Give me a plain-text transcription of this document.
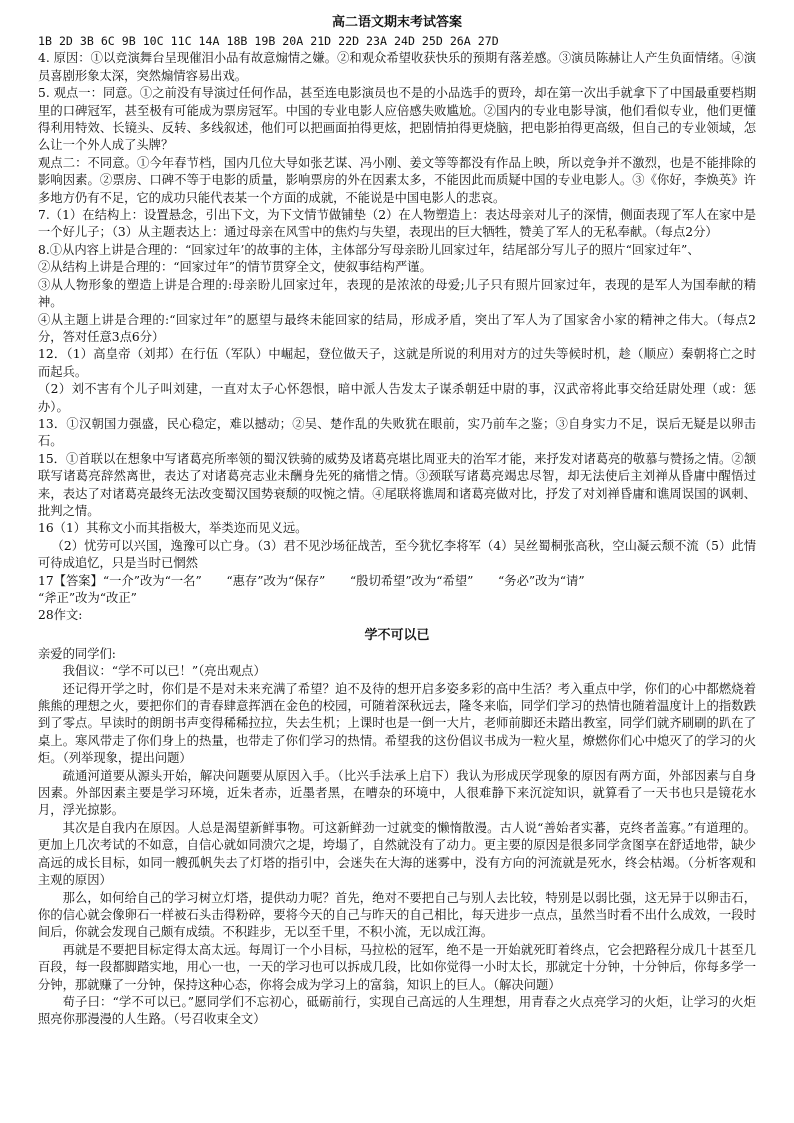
高二语文期末考试答案

1B 2D 3B 6C 9B 10C 11C 14A 18B 19B 20A 21D 22D 23A 24D 25D 26A 27D

4. 原因：①以竞演舞台呈现催泪小品有故意煽情之嫌。②和观众希望收获快乐的预期有落差感。③演员陈赫让人产生负面情绪。④演员喜剧形象太深，突然煽情容易出戏。

5. 观点一：同意。①之前没有导演过任何作品，甚至连电影演员也不是的小品选手的贾玲，却在第一次出手就拿下了中国最重要档期里的口碑冠军，甚至极有可能成为票房冠军。中国的专业电影人应倍感失败尴尬。②国内的专业电影导演，他们看似专业，他们更懂得利用特效、长镜头、反转、多线叙述，他们可以把画面拍得更炫，把剧情拍得更烧脑，把电影拍得更高级，但自己的专业领域，怎么让一个外人成了头牌？

观点二：不同意。①今年春节档，国内几位大导如张艺谋、冯小刚、姜文等等都没有作品上映，所以竞争并不激烈，也是不能排除的影响因素。②票房、口碑不等于电影的质量，影响票房的外在因素太多，不能因此而质疑中国的专业电影人。③《你好，李焕英》许多地方仍有不足，它的成功只能代表某一个方面的成就，不能说是中国电影人的悲哀。

7.（1）在结构上：设置悬念，引出下文，为下文情节做铺垫（2）在人物塑造上：表达母亲对儿子的深情，侧面表现了军人在家中是一个好儿子；（3）从主题表达上：通过母亲在风雪中的焦灼与失望，表现出的巨大牺牲，赞美了军人的无私奉献。（每点2分）

8.①从内容上讲是合理的：“回家过年’的故事的主体，主体部分写母亲盼儿回家过年，结尾部分写儿子的照片“回家过年”、

②从结构上讲是合理的：“回家过年”的情节贯穿全文，使叙事结构严谨。

③从人物形象的塑造上讲是合理的:母亲盼儿回家过年，表现的是浓浓的母爱;儿子只有照片回家过年，表现的是军人为国奉献的精神。

④从主题上讲是合理的:“回家过年”的愿望与最终未能回家的结局，形成矛盾，突出了军人为了国家舍小家的精神之伟大。（每点2分，答对任意3点6分）

12．（1）高皇帝（刘邦）在行伍（军队）中崛起，登位做天子，这就是所说的利用对方的过失等候时机，趁（顺应）秦朝将亡之时而起兵。

（2）刘不害有个儿子叫刘建，一直对太子心怀怨恨，暗中派人告发太子谋杀朝廷中尉的事，汉武帝将此事交给廷尉处理（或：惩办）。

13．①汉朝国力强盛，民心稳定，难以撼动；②吴、楚作乱的失败犹在眼前，实乃前车之鉴；③自身实力不足，误后无疑是以卵击石。

15．①首联以在想象中写诸葛亮所率领的蜀汉铁骑的威势及诸葛亮堪比周亚夫的治军才能，来抒发对诸葛亮的敬慕与赞扬之情。②颔联写诸葛亮辞然离世，表达了对诸葛亮志业未酬身先死的痛惜之情。③颈联写诸葛亮竭忠尽智，却无法使后主刘禅从昏庸中醒悟过来，表达了对诸葛亮最终无法改变蜀汉国势衰颓的叹惋之情。④尾联将谯周和诸葛亮做对比，抒发了对刘禅昏庸和谯周误国的讽刺、批判之情。

16（1）其称文小而其指极大，举类迩而见义远。

（2）忧劳可以兴国，逸豫可以亡身。（3）君不见沙场征战苦，至今犹忆李将军（4）吴丝蜀桐张高秋，空山凝云颓不流（5）此情可待成追忆，只是当时已惘然

17【答案】“一介”改为“一名”　　“惠存”改为“保存”　　“殷切希望”改为“希望”　　“务必”改为“请”

“斧正”改为“改正”

28作文:

学不可以已

亲爱的同学们:

我倡议：“学不可以已！”（亮出观点）

还记得开学之时，你们是不是对未来充满了希望？迫不及待的想开启多姿多彩的高中生活？考入重点中学，你们的心中都燃烧着熊熊的理想之火，要把你们的青春肆意挥洒在金色的校园，可随着深秋远去，隆冬来临，同学们学习的热情也随着温度计上的指数跌到了零点。早读时的朗朗书声变得稀稀拉拉，失去生机；上课时也是一倒一大片，老师前脚还未踏出教室，同学们就齐刷刷的趴在了桌上。寒风带走了你们身上的热量，也带走了你们学习的热情。希望我的这份倡议书成为一粒火星，燎燃你们心中熄灭了的学习的火炬。（列举现象，提出问题）

疏通河道要从源头开始，解决问题要从原因入手。（比兴手法承上启下）我认为形成厌学现象的原因有两方面，外部因素与自身因素。外部因素主要是学习环境，近朱者赤，近墨者黑，在嘈杂的环境中，人很难静下来沉淀知识，就算看了一天书也只是镜花水月，浮光掠影。

其次是自我内在原因。人总是渴望新鲜事物。可这新鲜劲一过就变的懒惰散漫。古人说“善始者实蕃，克终者盖寡。”有道理的。更加上几次考试的不如意，自信心就如同溃穴之堤，垮塌了，自然就没有了动力。更主要的原因是很多同学贪图享在舒适地带，缺少高远的成长目标，如同一艘孤帆失去了灯塔的指引中，会迷失在大海的迷雾中，没有方向的河流就是死水，终会枯竭。（分析客观和主观的原因）

那么，如何给自己的学习树立灯塔，提供动力呢？首先，绝对不要把自己与别人去比较，特别是以弱比强，这无异于以卵击石，你的信心就会像卵石一样被石头击得粉碎，要将今天的自己与昨天的自己相比，每天进步一点点，虽然当时看不出什么成效，一段时间后，你就会发现自己颇有成绩。不积跬步，无以至千里，不积小流，无以成江海。

再就是不要把目标定得太高太远。每周订一个小目标，马拉松的冠军，绝不是一开始就死盯着终点，它会把路程分成几十甚至几百段，每一段都脚踏实地，用心一也，一天的学习也可以拆成几段，比如你觉得一小时太长，那就定十分钟，十分钟后，你每多学一分钟，那就赚了一分钟，保持这种心态，你将会成为学习上的富翁，知识上的巨人。（解决问题）

荀子曰：“学不可以已。”愿同学们不忘初心，砥砺前行，实现自己高远的人生理想，用青春之火点亮学习的火炬，让学习的火炬照亮你那漫漫的人生路。（号召收束全文）
